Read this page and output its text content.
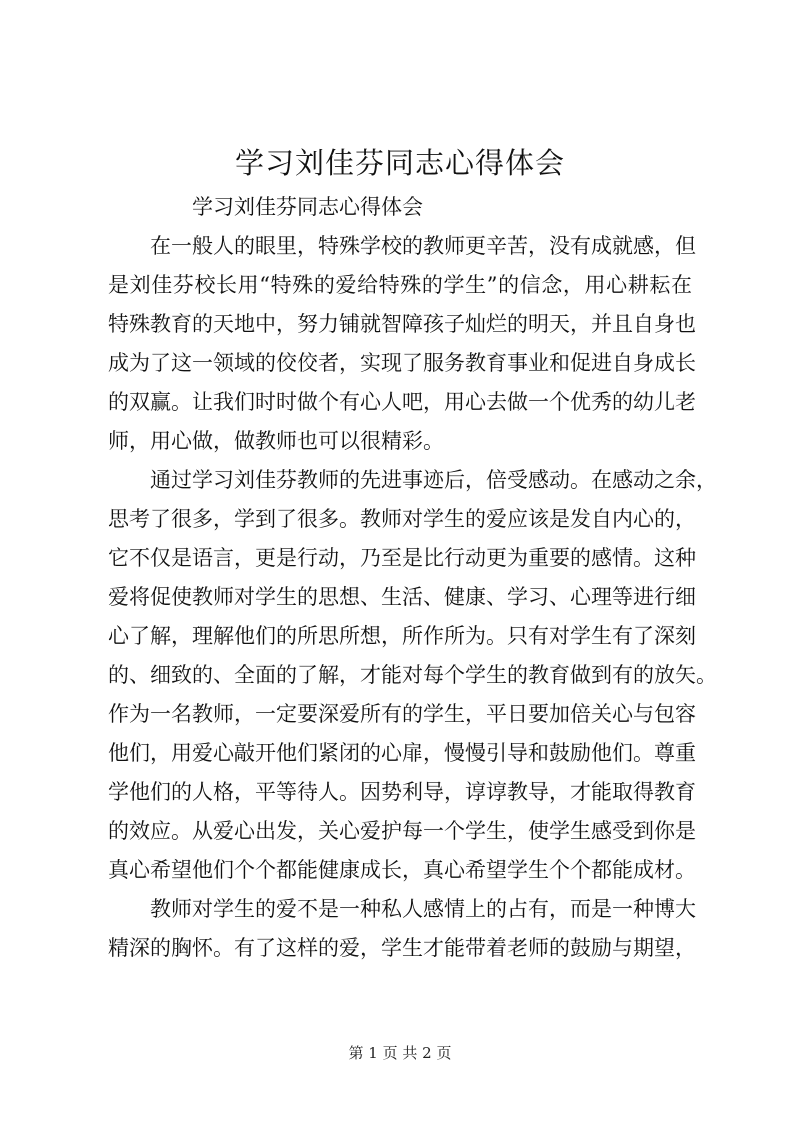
学习刘佳芬同志心得体会
学习刘佳芬同志心得体会
在一般人的眼里，特殊学校的教师更辛苦，没有成就感，但
是刘佳芬校长用“特殊的爱给特殊的学生”的信念，用心耕耘在
特殊教育的天地中，努力铺就智障孩子灿烂的明天，并且自身也
成为了这一领域的佼佼者，实现了服务教育事业和促进自身成长
的双赢。让我们时时做个有心人吧，用心去做一个优秀的幼儿老
师，用心做，做教师也可以很精彩。
通过学习刘佳芬教师的先进事迹后，倍受感动。在感动之余，
思考了很多，学到了很多。教师对学生的爱应该是发自内心的，
它不仅是语言，更是行动，乃至是比行动更为重要的感情。这种
爱将促使教师对学生的思想、生活、健康、学习、心理等进行细
心了解，理解他们的所思所想，所作所为。只有对学生有了深刻
的、细致的、全面的了解，才能对每个学生的教育做到有的放矢。
作为一名教师，一定要深爱所有的学生，平日要加倍关心与包容
他们，用爱心敲开他们紧闭的心扉，慢慢引导和鼓励他们。尊重
学他们的人格，平等待人。因势利导，谆谆教导，才能取得教育
的效应。从爱心出发，关心爱护每一个学生，使学生感受到你是
真心希望他们个个都能健康成长，真心希望学生个个都能成材。
教师对学生的爱不是一种私人感情上的占有，而是一种博大
精深的胸怀。有了这样的爱，学生才能带着老师的鼓励与期望，
第 1 页 共 2 页
